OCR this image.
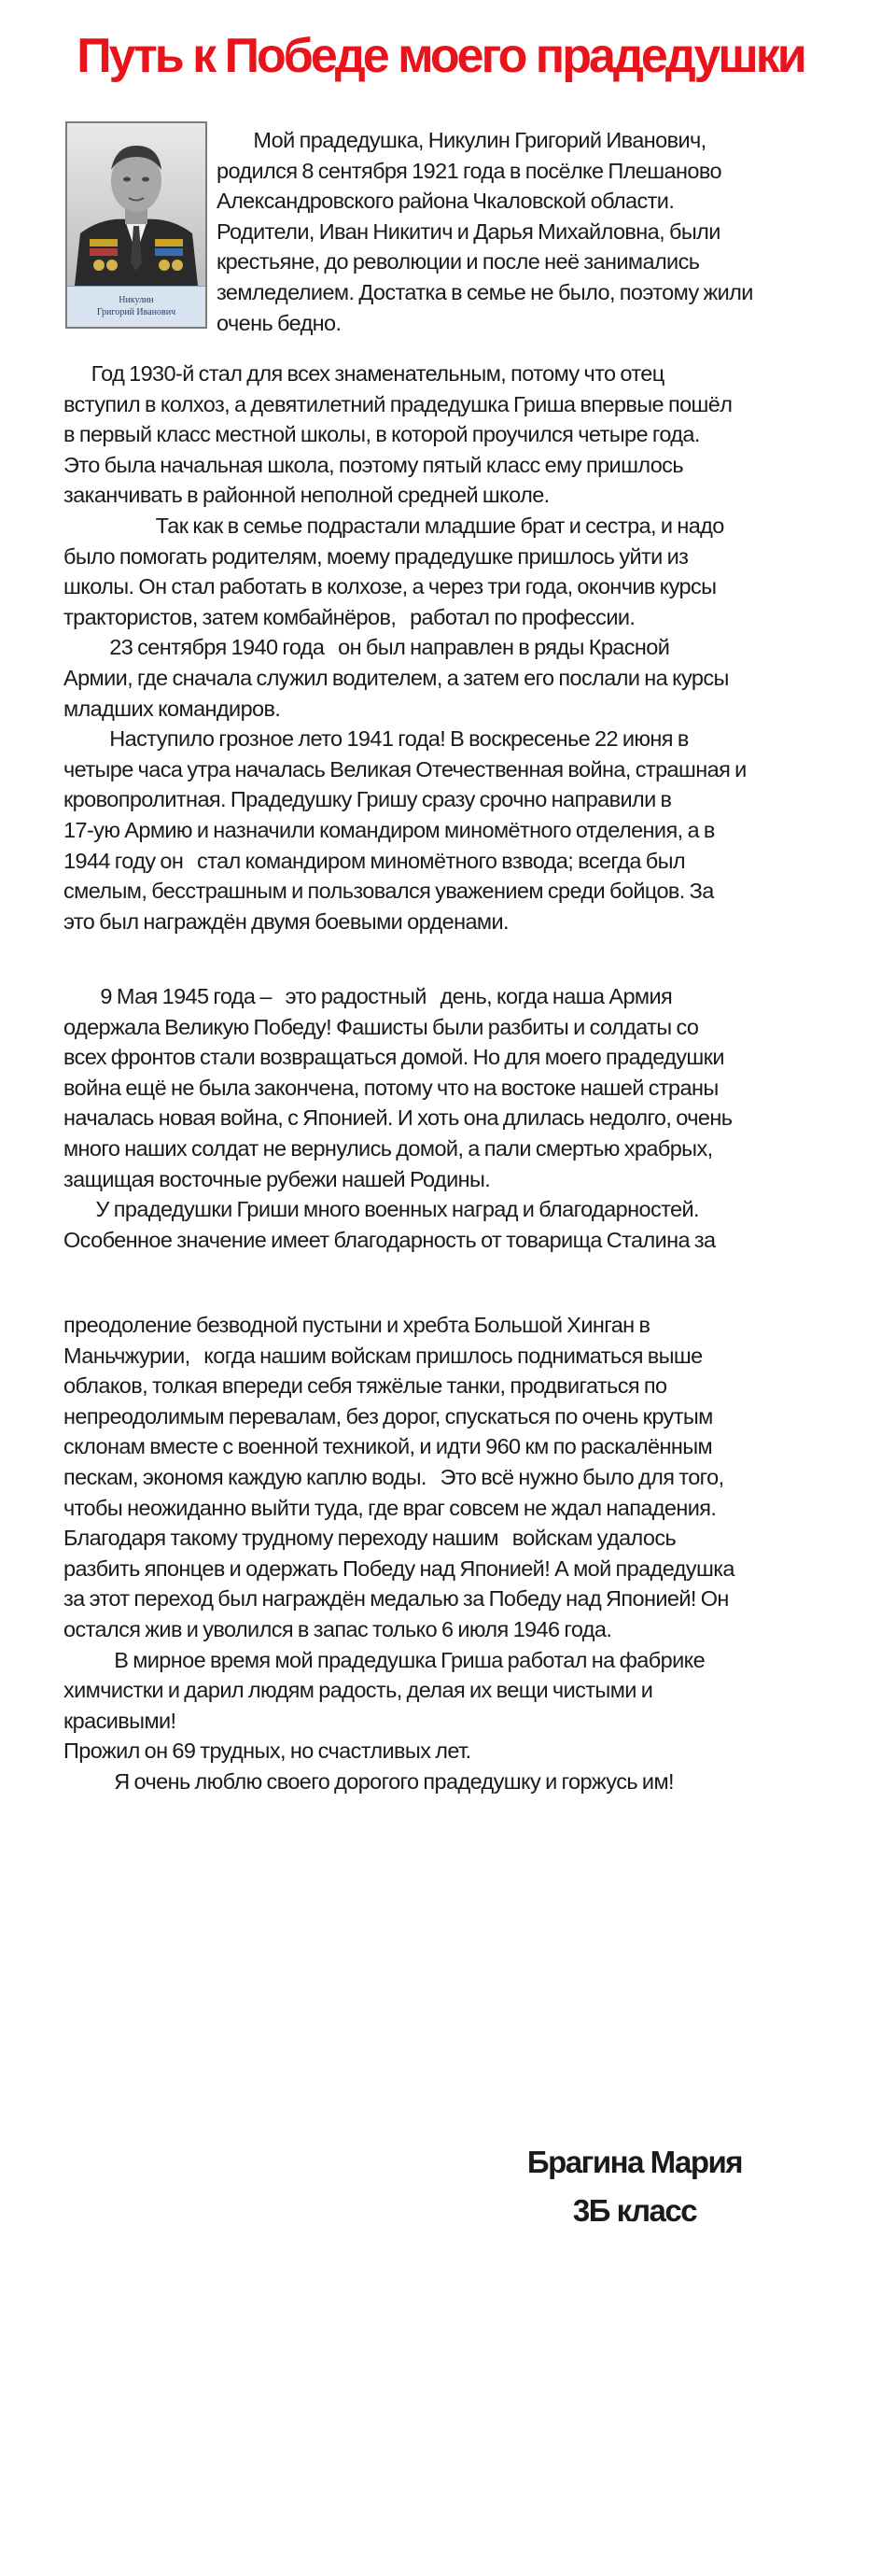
Путь к Победе моего прадедушки
Никулин
Григорий Иванович
Мой прадедушка, Никулин Григорий Иванович,
родился 8 сентября 1921 года в посёлке Плешаново
Александровского района Чкаловской области.
Родители, Иван Никитич и Дарья Михайловна, были
крестьяне, до революции и после неё занимались
земледелием. Достатка в семье не было, поэтому жили
очень бедно.
Год 1930-й стал для всех знаменательным, потому что отец
вступил в колхоз, а девятилетний прадедушка Гриша впервые пошёл
в первый класс местной школы, в которой проучился четыре года.
Это была начальная школа, поэтому пятый класс ему пришлось
заканчивать в районной неполной средней школе.
Так как в семье подрастали младшие брат и сестра, и надо
было помогать родителям, моему прадедушке пришлось уйти из
школы. Он стал работать в колхозе, а через три года, окончив курсы
трактористов, затем комбайнёров,   работал по профессии.
23 сентября 1940 года   он был направлен в ряды Красной
Армии, где сначала служил водителем, а затем его послали на курсы
младших командиров.
Наступило грозное лето 1941 года! В воскресенье 22 июня в
четыре часа утра началась Великая Отечественная война, страшная и
кровопролитная. Прадедушку Гришу сразу срочно направили в
17-ую Армию и назначили командиром миномётного отделения, а в
1944 году он   стал командиром миномётного взвода; всегда был
смелым, бесстрашным и пользовался уважением среди бойцов. За
это был награждён двумя боевыми орденами.
9 Мая 1945 года –   это радостный   день, когда наша Армия
одержала Великую Победу! Фашисты были разбиты и солдаты со
всех фронтов стали возвращаться домой. Но для моего прадедушки
война ещё не была закончена, потому что на востоке нашей страны
началась новая война, с Японией. И хоть она длилась недолго, очень
много наших солдат не вернулись домой, а пали смертью храбрых,
защищая восточные рубежи нашей Родины.
У прадедушки Гриши много военных наград и благодарностей.
Особенное значение имеет благодарность от товарища Сталина за
преодоление безводной пустыни и хребта Большой Хинган в
Маньчжурии,   когда нашим войскам пришлось подниматься выше
облаков, толкая впереди себя тяжёлые танки, продвигаться по
непреодолимым перевалам, без дорог, спускаться по очень крутым
склонам вместе с военной техникой, и идти 960 км по раскалённым
пескам, экономя каждую каплю воды.   Это всё нужно было для того,
чтобы неожиданно выйти туда, где враг совсем не ждал нападения.
Благодаря такому трудному переходу нашим   войскам удалось
разбить японцев и одержать Победу над Японией! А мой прадедушка
за этот переход был награждён медалью за Победу над Японией! Он
остался жив и уволился в запас только 6 июля 1946 года.
В мирное время мой прадедушка Гриша работал на фабрике
химчистки и дарил людям радость, делая их вещи чистыми и
красивыми!
Прожил он 69 трудных, но счастливых лет.
Я очень люблю своего дорогого прадедушку и горжусь им!
Брагина Мария
3Б класс
